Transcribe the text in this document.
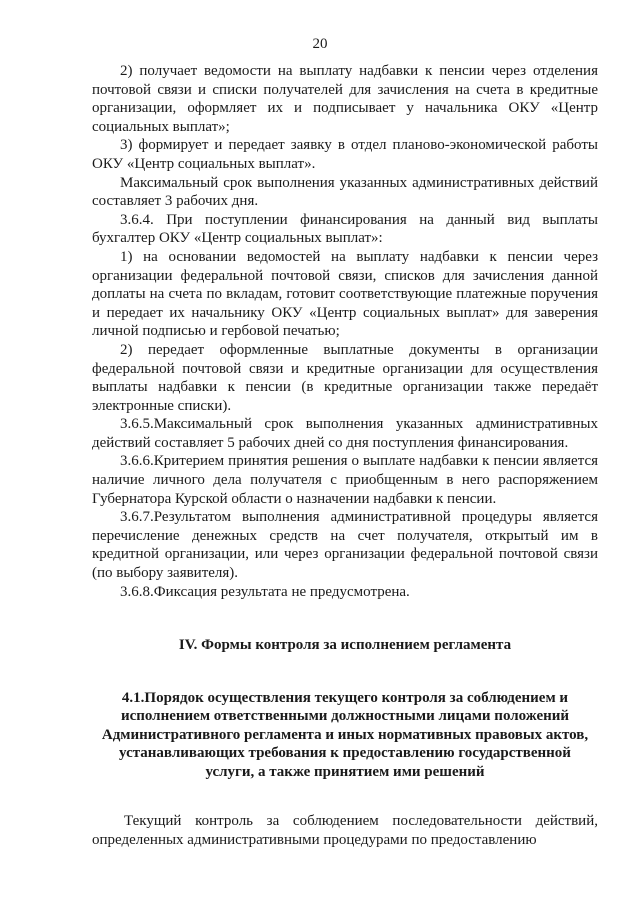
20

2) получает ведомости на выплату надбавки к пенсии через отделения почтовой связи и списки получателей для зачисления на счета в кредитные организации, оформляет их и подписывает у начальника ОКУ «Центр социальных выплат»;

3) формирует и передает заявку в отдел планово-экономической работы ОКУ «Центр социальных выплат».

Максимальный срок выполнения указанных административных действий составляет 3 рабочих дня.

3.6.4. При поступлении финансирования на данный вид выплаты бухгалтер ОКУ «Центр социальных выплат»:

1) на основании ведомостей на выплату надбавки к пенсии через организации федеральной почтовой связи, списков для зачисления данной доплаты на счета по вкладам, готовит соответствующие платежные поручения и передает их начальнику ОКУ «Центр социальных выплат» для заверения личной подписью и гербовой печатью;

2) передает оформленные выплатные документы в организации федеральной почтовой связи и кредитные организации для осуществления выплаты надбавки к пенсии (в кредитные организации также передаёт электронные списки).

3.6.5.Максимальный срок выполнения указанных административных действий составляет 5 рабочих дней со дня поступления финансирования.

3.6.6.Критерием принятия решения о выплате надбавки к пенсии является наличие личного дела получателя с приобщенным в него распоряжением Губернатора Курской области о назначении надбавки к пенсии.

3.6.7.Результатом выполнения административной процедуры является перечисление денежных средств на счет получателя, открытый им в кредитной организации, или через организации федеральной почтовой связи (по выбору заявителя).

3.6.8.Фиксация результата не предусмотрена.

IV. Формы контроля за исполнением регламента
4.1.Порядок осуществления текущего контроля за соблюдением и исполнением ответственными должностными лицами положений Административного регламента и иных нормативных правовых актов, устанавливающих требования к предоставлению государственной услуги, а также принятием ими решений

Текущий контроль за соблюдением последовательности действий, определенных административными процедурами по предоставлению
